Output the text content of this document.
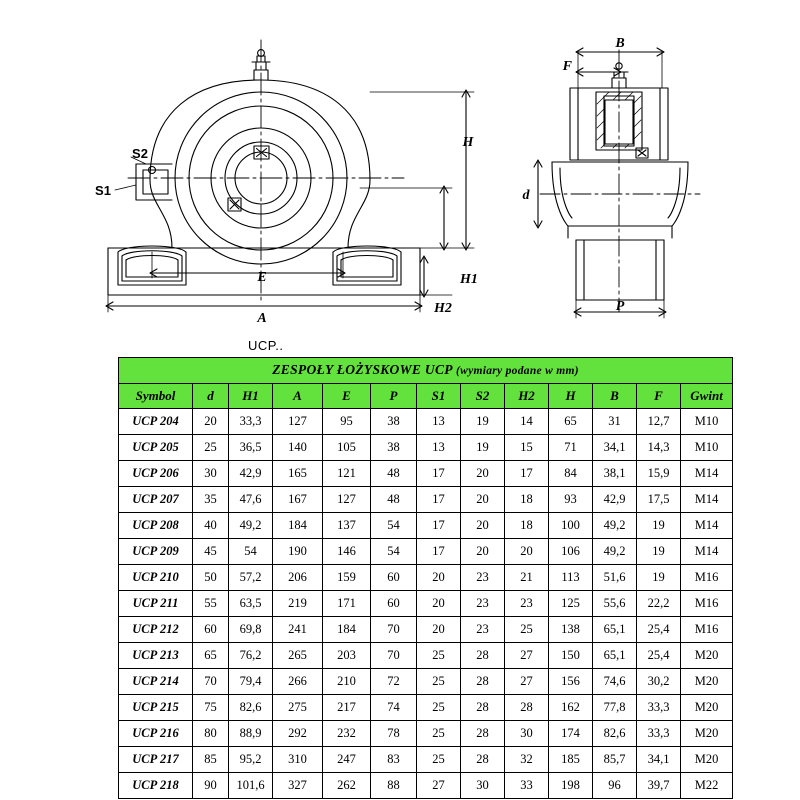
S2
S1
H
H1
H2
E
A
B
F
d
P
UCP..
ZESPOŁY ŁOŻYSKOWE UCP (wymiary podane w mm)												
Symbol	d	H1	A	E	P	S1	S2	H2	H	B	F	Gwint
UCP 204	20	33,3	127	95	38	13	19	14	65	31	12,7	M10
UCP 205	25	36,5	140	105	38	13	19	15	71	34,1	14,3	M10
UCP 206	30	42,9	165	121	48	17	20	17	84	38,1	15,9	M14
UCP 207	35	47,6	167	127	48	17	20	18	93	42,9	17,5	M14
UCP 208	40	49,2	184	137	54	17	20	18	100	49,2	19	M14
UCP 209	45	54	190	146	54	17	20	20	106	49,2	19	M14
UCP 210	50	57,2	206	159	60	20	23	21	113	51,6	19	M16
UCP 211	55	63,5	219	171	60	20	23	23	125	55,6	22,2	M16
UCP 212	60	69,8	241	184	70	20	23	25	138	65,1	25,4	M16
UCP 213	65	76,2	265	203	70	25	28	27	150	65,1	25,4	M20
UCP 214	70	79,4	266	210	72	25	28	27	156	74,6	30,2	M20
UCP 215	75	82,6	275	217	74	25	28	28	162	77,8	33,3	M20
UCP 216	80	88,9	292	232	78	25	28	30	174	82,6	33,3	M20
UCP 217	85	95,2	310	247	83	25	28	32	185	85,7	34,1	M20
UCP 218	90	101,6	327	262	88	27	30	33	198	96	39,7	M22
